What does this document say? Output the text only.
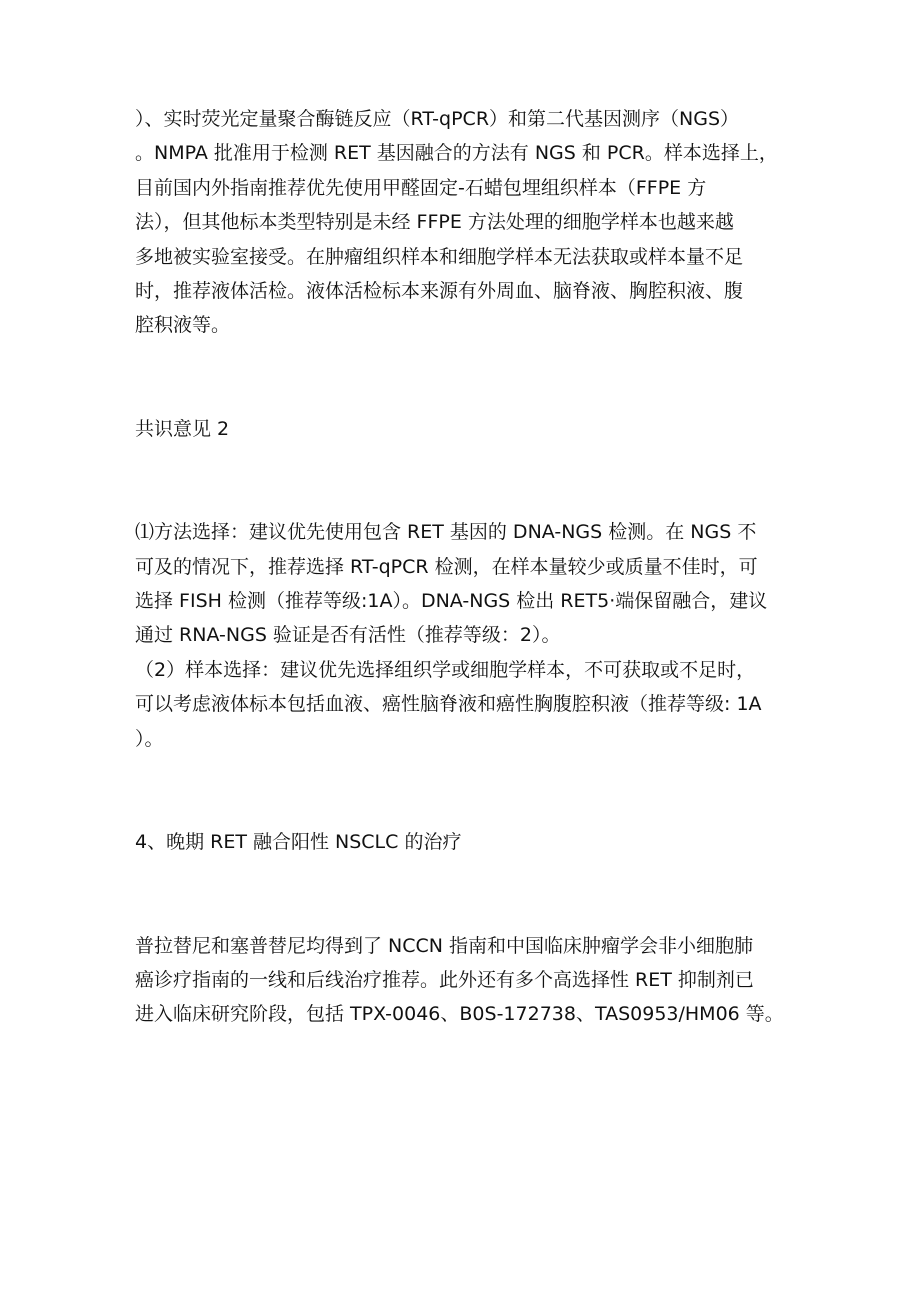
）、实时荧光定量聚合酶链反应（RT-qPCR）和第二代基因测序（NGS）
。NMPA 批准用于检测 RET 基因融合的方法有 NGS 和 PCR。样本选择上，
目前国内外指南推荐优先使用甲醛固定-石蜡包埋组织样本（FFPE 方
法），但其他标本类型特别是未经 FFPE 方法处理的细胞学样本也越来越
多地被实验室接受。在肿瘤组织样本和细胞学样本无法获取或样本量不足
时，推荐液体活检。液体活检标本来源有外周血、脑脊液、胸腔积液、腹
腔积液等。

共识意见 2

⑴方法选择：建议优先使用包含 RET 基因的 DNA-NGS 检测。在 NGS 不
可及的情况下，推荐选择 RT-qPCR 检测，在样本量较少或质量不佳时，可
选择 FISH 检测（推荐等级:1A）。DNA-NGS 检出 RET5·端保留融合，建议
通过 RNA-NGS 验证是否有活性（推荐等级：2）。
（2）样本选择：建议优先选择组织学或细胞学样本，不可获取或不足时，
可以考虑液体标本包括血液、癌性脑脊液和癌性胸腹腔积液（推荐等级: 1A
）。

4、晚期 RET 融合阳性 NSCLC 的治疗

普拉替尼和塞普替尼均得到了 NCCN 指南和中国临床肿瘤学会非小细胞肺
癌诊疗指南的一线和后线治疗推荐。此外还有多个高选择性 RET 抑制剂已
进入临床研究阶段，包括 TPX-0046、B0S-172738、TAS0953/HM06 等。
